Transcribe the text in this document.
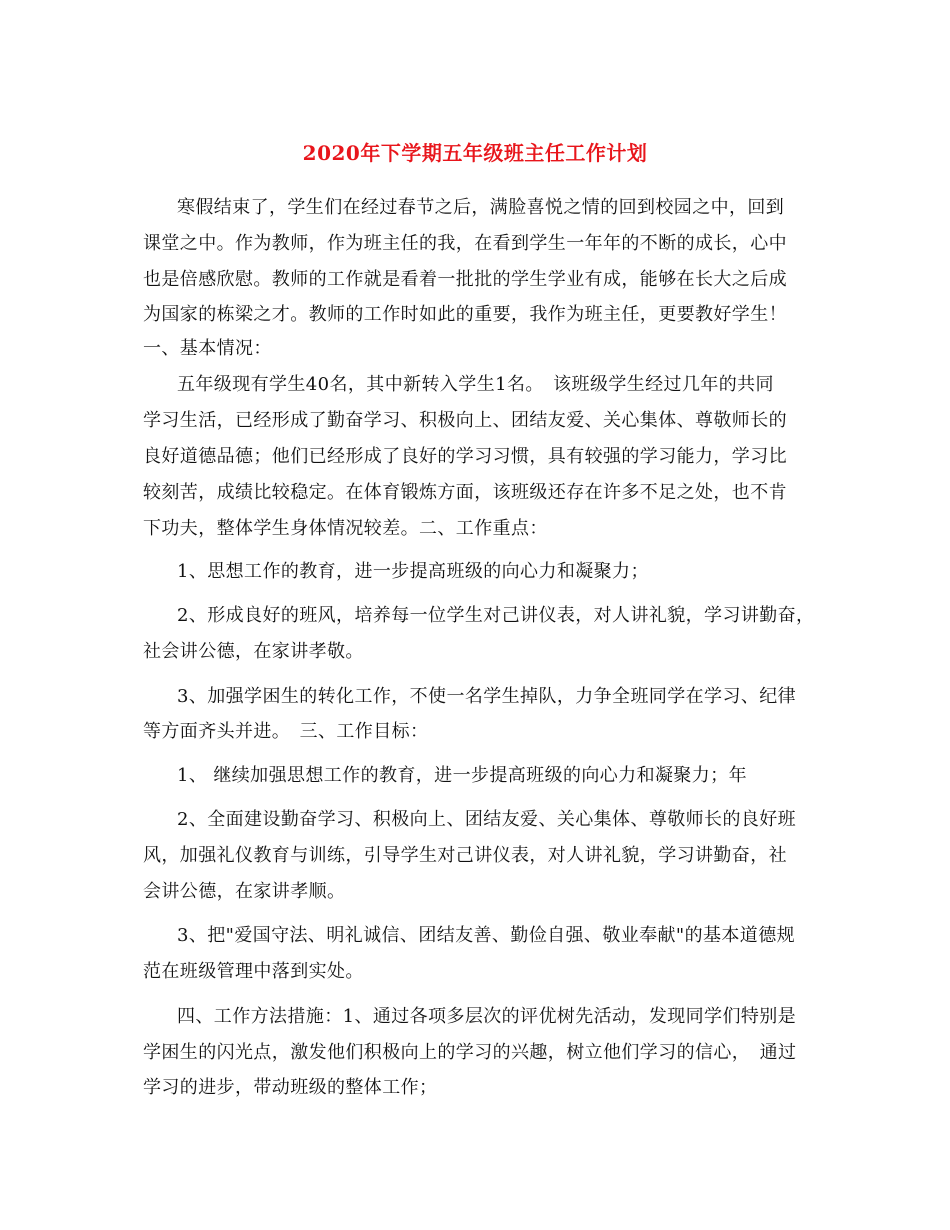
2020年下学期五年级班主任工作计划
寒假结束了，学生们在经过春节之后，满脸喜悦之情的回到校园之中，回到
课堂之中。作为教师，作为班主任的我，在看到学生一年年的不断的成长，心中
也是倍感欣慰。教师的工作就是看着一批批的学生学业有成，能够在长大之后成
为国家的栋梁之才。教师的工作时如此的重要，我作为班主任，更要教好学生！
一、基本情况：
五年级现有学生40名，其中新转入学生1名。　该班级学生经过几年的共同
学习生活，已经形成了勤奋学习、积极向上、团结友爱、关心集体、尊敬师长的
良好道德品德；他们已经形成了良好的学习习惯，具有较强的学习能力，学习比
较刻苦，成绩比较稳定。在体育锻炼方面，该班级还存在许多不足之处，也不肯
下功夫，整体学生身体情况较差。二、工作重点：
1、思想工作的教育，进一步提高班级的向心力和凝聚力；
2、形成良好的班风，培养每一位学生对己讲仪表，对人讲礼貌，学习讲勤奋，
社会讲公德，在家讲孝敬。
3、加强学困生的转化工作，不使一名学生掉队，力争全班同学在学习、纪律
等方面齐头并进。　三、工作目标：
1、 继续加强思想工作的教育，进一步提高班级的向心力和凝聚力；年
2、全面建设勤奋学习、积极向上、团结友爱、关心集体、尊敬师长的良好班
风，加强礼仪教育与训练，引导学生对己讲仪表，对人讲礼貌，学习讲勤奋，社
会讲公德，在家讲孝顺。
3、把"爱国守法、明礼诚信、团结友善、勤俭自强、敬业奉献"的基本道德规
范在班级管理中落到实处。
四、工作方法措施：1、通过各项多层次的评优树先活动，发现同学们特别是
学困生的闪光点，激发他们积极向上的学习的兴趣，树立他们学习的信心，　通过
学习的进步，带动班级的整体工作；
